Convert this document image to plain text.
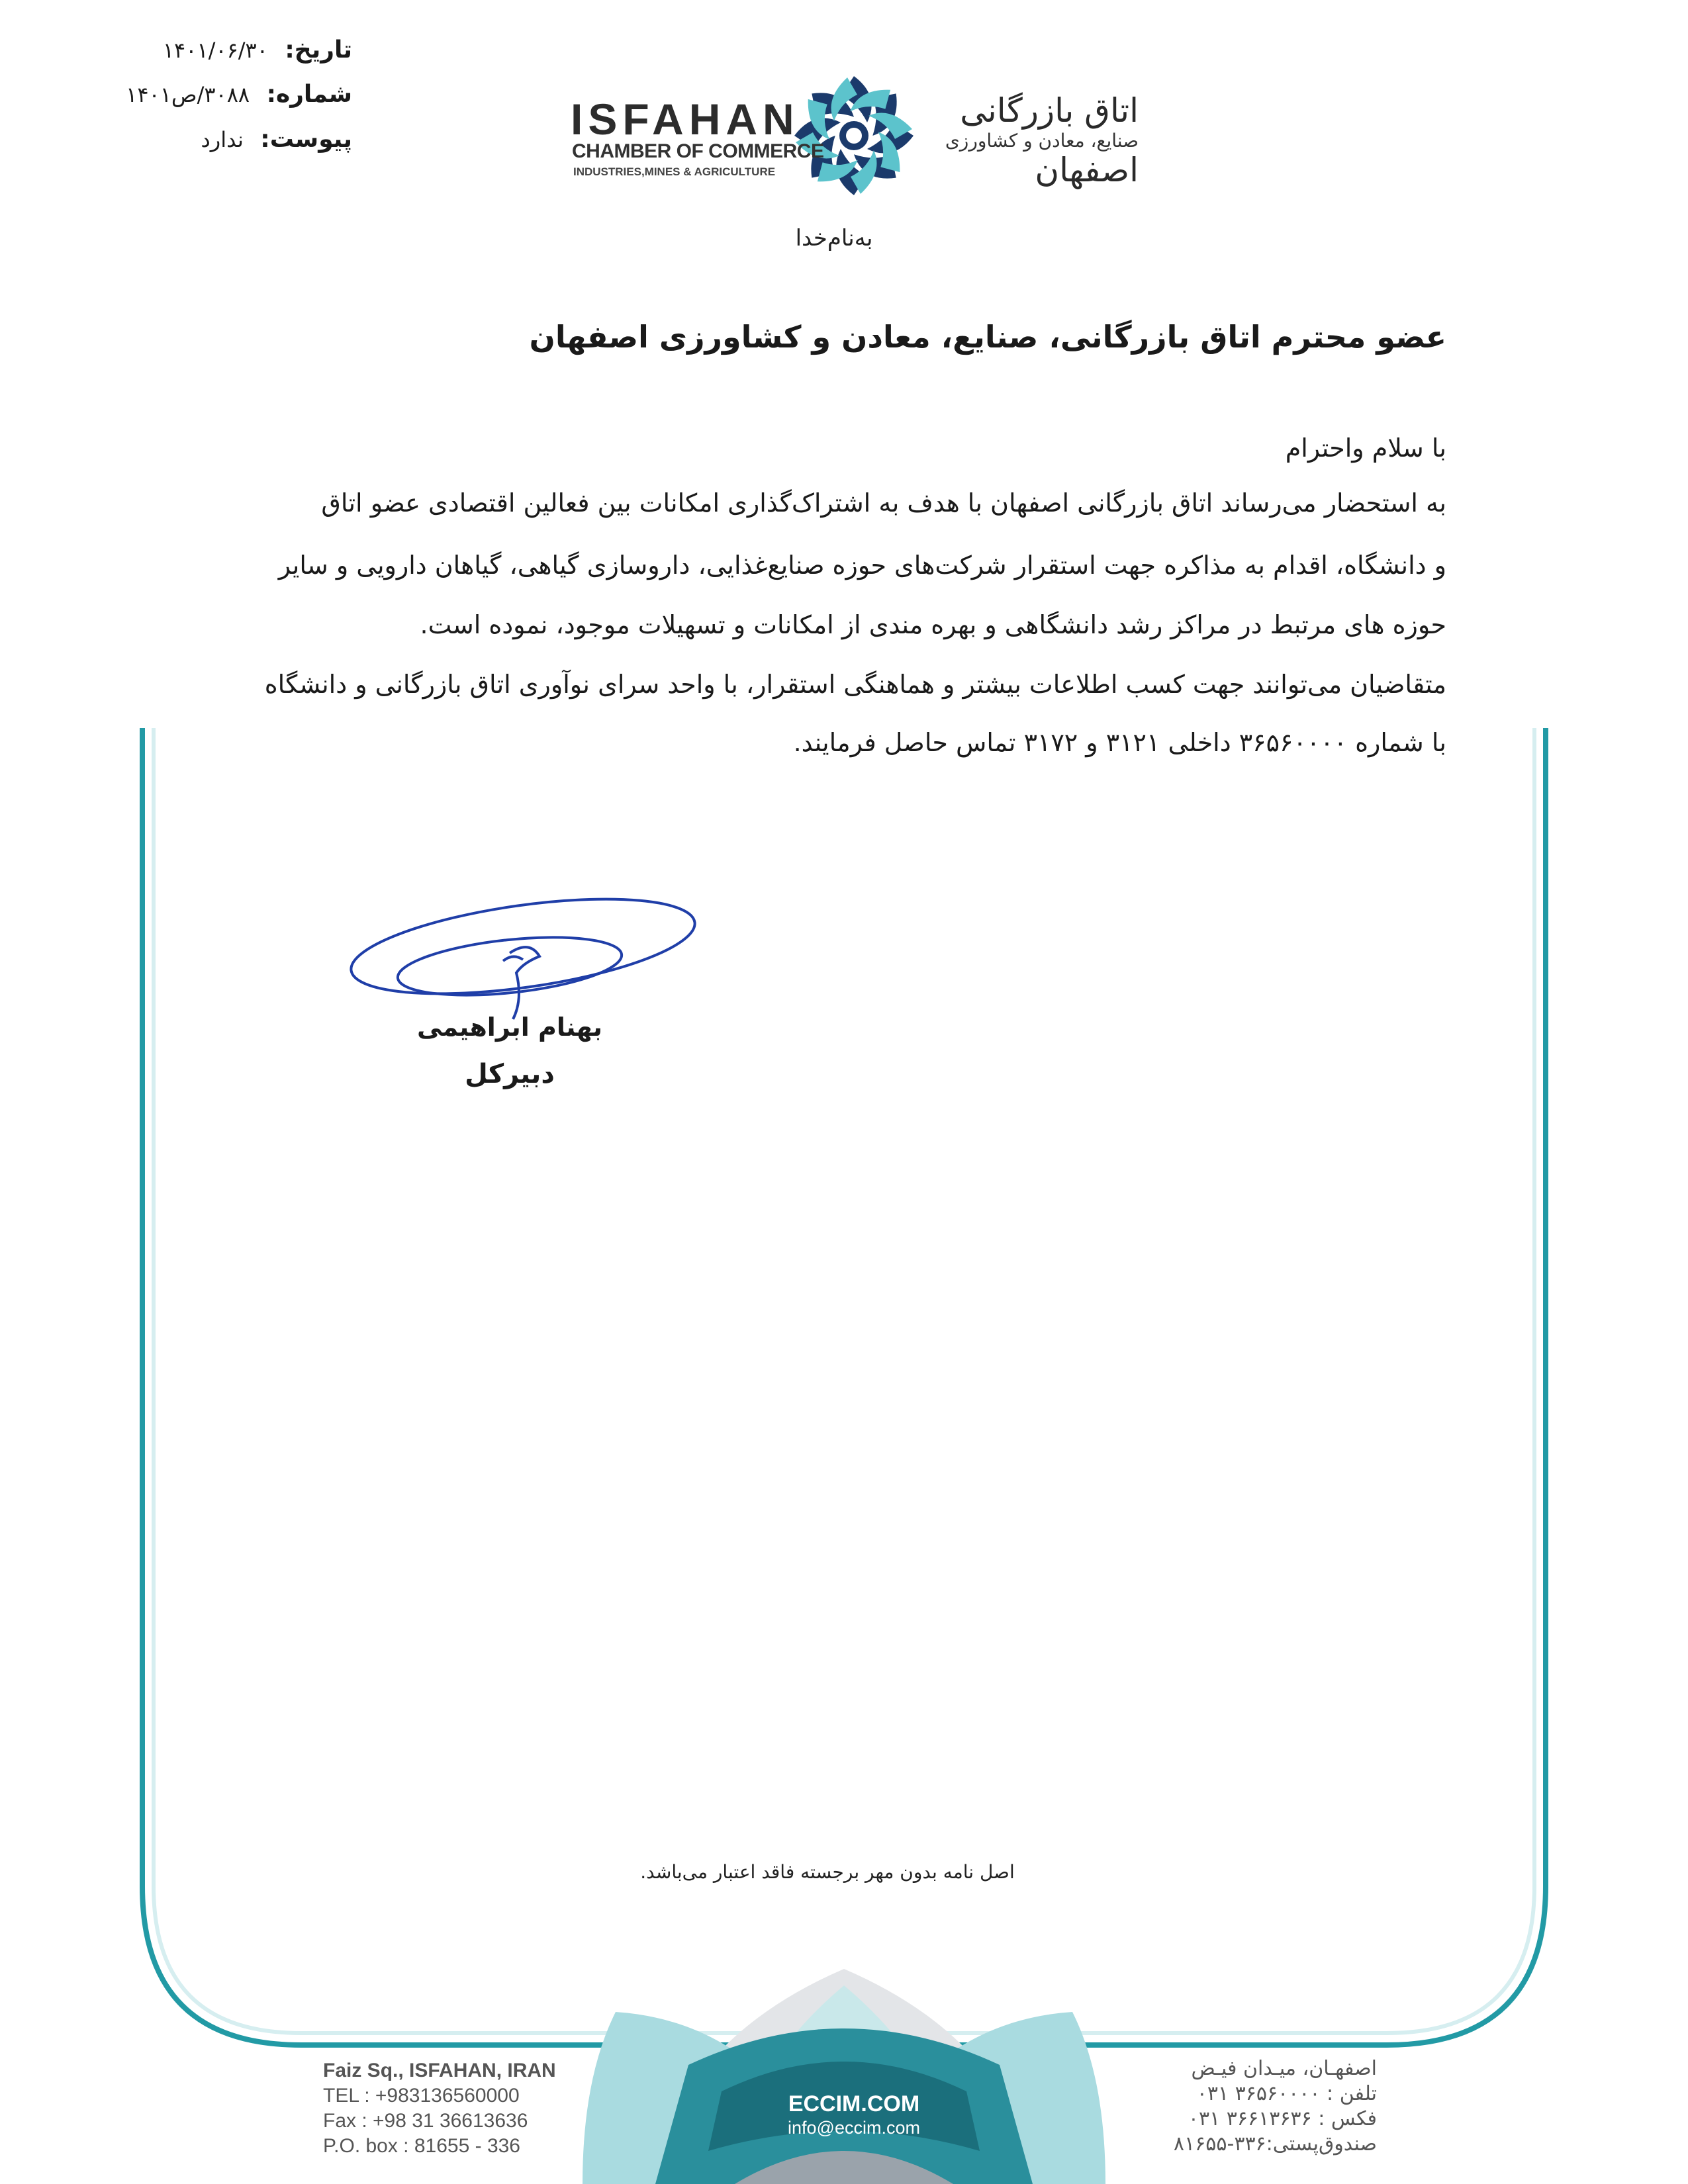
تاریخ: ۱۴۰۱/۰۶/۳۰
شماره: ۳۰۸۸/ص۱۴۰۱
پیوست: ندارد	ISFAHAN
CHAMBER OF COMMERCE
INDUSTRIES,MINES & AGRICULTURE
اتاق بازرگانی
صنایع، معادن و کشاورزی
اصفهان
به‌نام‌خدا
عضو محترم اتاق بازرگانی، صنایع، معادن و کشاورزی اصفهان
با سلام واحترام
به استحضار می‌رساند اتاق بازرگانی اصفهان با هدف به اشتراک‌گذاری امکانات بین فعالین اقتصادی عضو اتاق
و دانشگاه، اقدام به مذاکره جهت استقرار شرکت‌های حوزه صنایع‌غذایی، داروسازی گیاهی، گیاهان دارویی و سایر
حوزه های مرتبط در مراکز رشد دانشگاهی و بهره مندی از امکانات و تسهیلات موجود، نموده است.
متقاضیان می‌توانند جهت کسب اطلاعات بیشتر و هماهنگی استقرار، با واحد سرای نوآوری اتاق بازرگانی و دانشگاه
با شماره ۳۶۵۶۰۰۰۰ داخلی ۳۱۲۱ و ۳۱۷۲ تماس حاصل فرمایند.
بهنام ابراهیمی
دبیرکل
اصل نامه بدون مهر برجسته فاقد اعتبار می‌باشد.
Faiz Sq., ISFAHAN, IRAN
TEL : +983136560000
Fax : +98 31 36613636
P.O. box : 81655 - 336
ECCIM.COM
info@eccim.com
اصفهـان، میـدان فیـض
تلفن : ۳۶۵۶۰۰۰۰ ۰۳۱
فکس : ۳۶۶۱۳۶۳۶ ۰۳۱
صندوق‌پستی:۳۳۶-۸۱۶۵۵
